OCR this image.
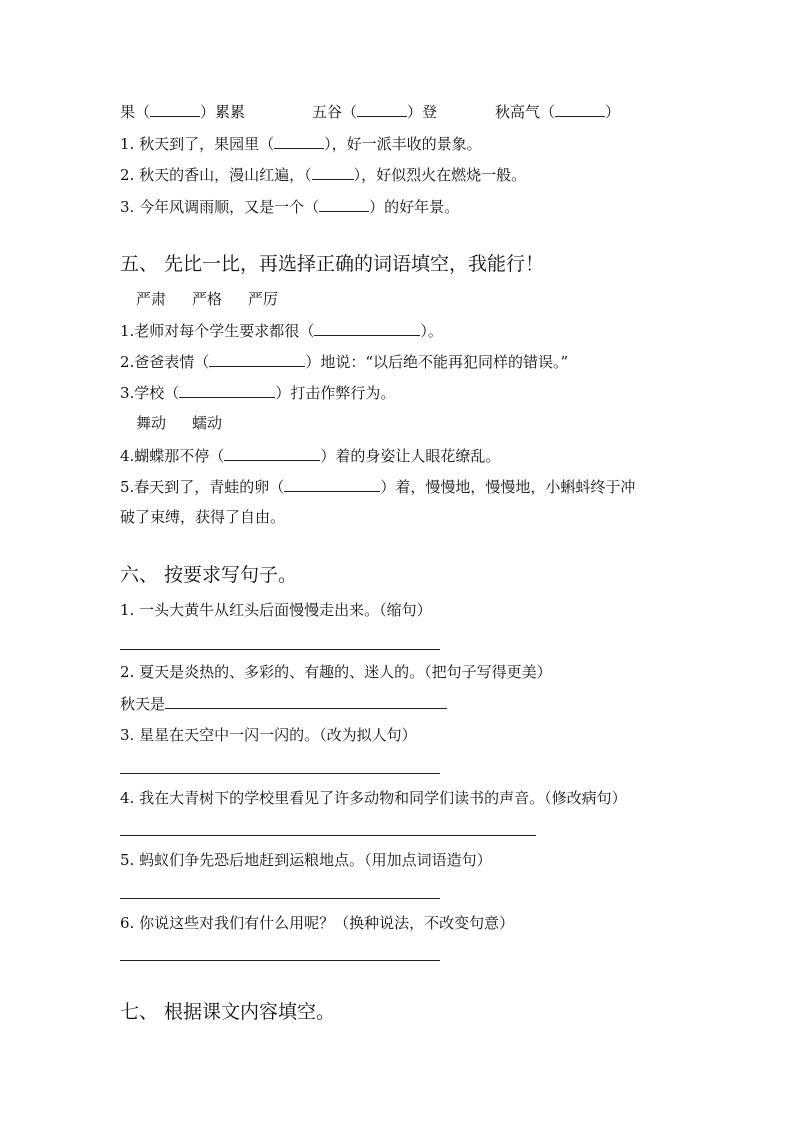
果（	）累累	五谷（	）登	秋高气（	）
1. 秋天到了，果园里（	），好一派丰收的景象。
2. 秋天的香山，漫山红遍，（	），好似烈火在燃烧一般。
3. 今年风调雨顺，又是一个（	）的好年景。
五、 先比一比，再选择正确的词语填空，我能行！
严肃 严格 严厉
1.老师对每个学生要求都很（	）。
2.爸爸表情（	）地说：“以后绝不能再犯同样的错误。”
3.学校（	）打击作弊行为。
舞动 蠕动
4.蝴蝶那不停（	）着的身姿让人眼花缭乱。
5.春天到了，青蛙的卵（	）着，慢慢地，慢慢地，小蝌蚪终于冲
破了束缚，获得了自由。
六、 按要求写句子。
1. 一头大黄牛从红头后面慢慢走出来。（缩句）
2. 夏天是炎热的、多彩的、有趣的、迷人的。（把句子写得更美）
秋天是
3. 星星在天空中一闪一闪的。（改为拟人句）
4. 我在大青树下的学校里看见了许多动物和同学们读书的声音。（修改病句）
5. 蚂蚁们争先恐后地赶到运粮地点。（用加点词语造句）
6. 你说这些对我们有什么用呢？（换种说法，不改变句意）
七、 根据课文内容填空。
